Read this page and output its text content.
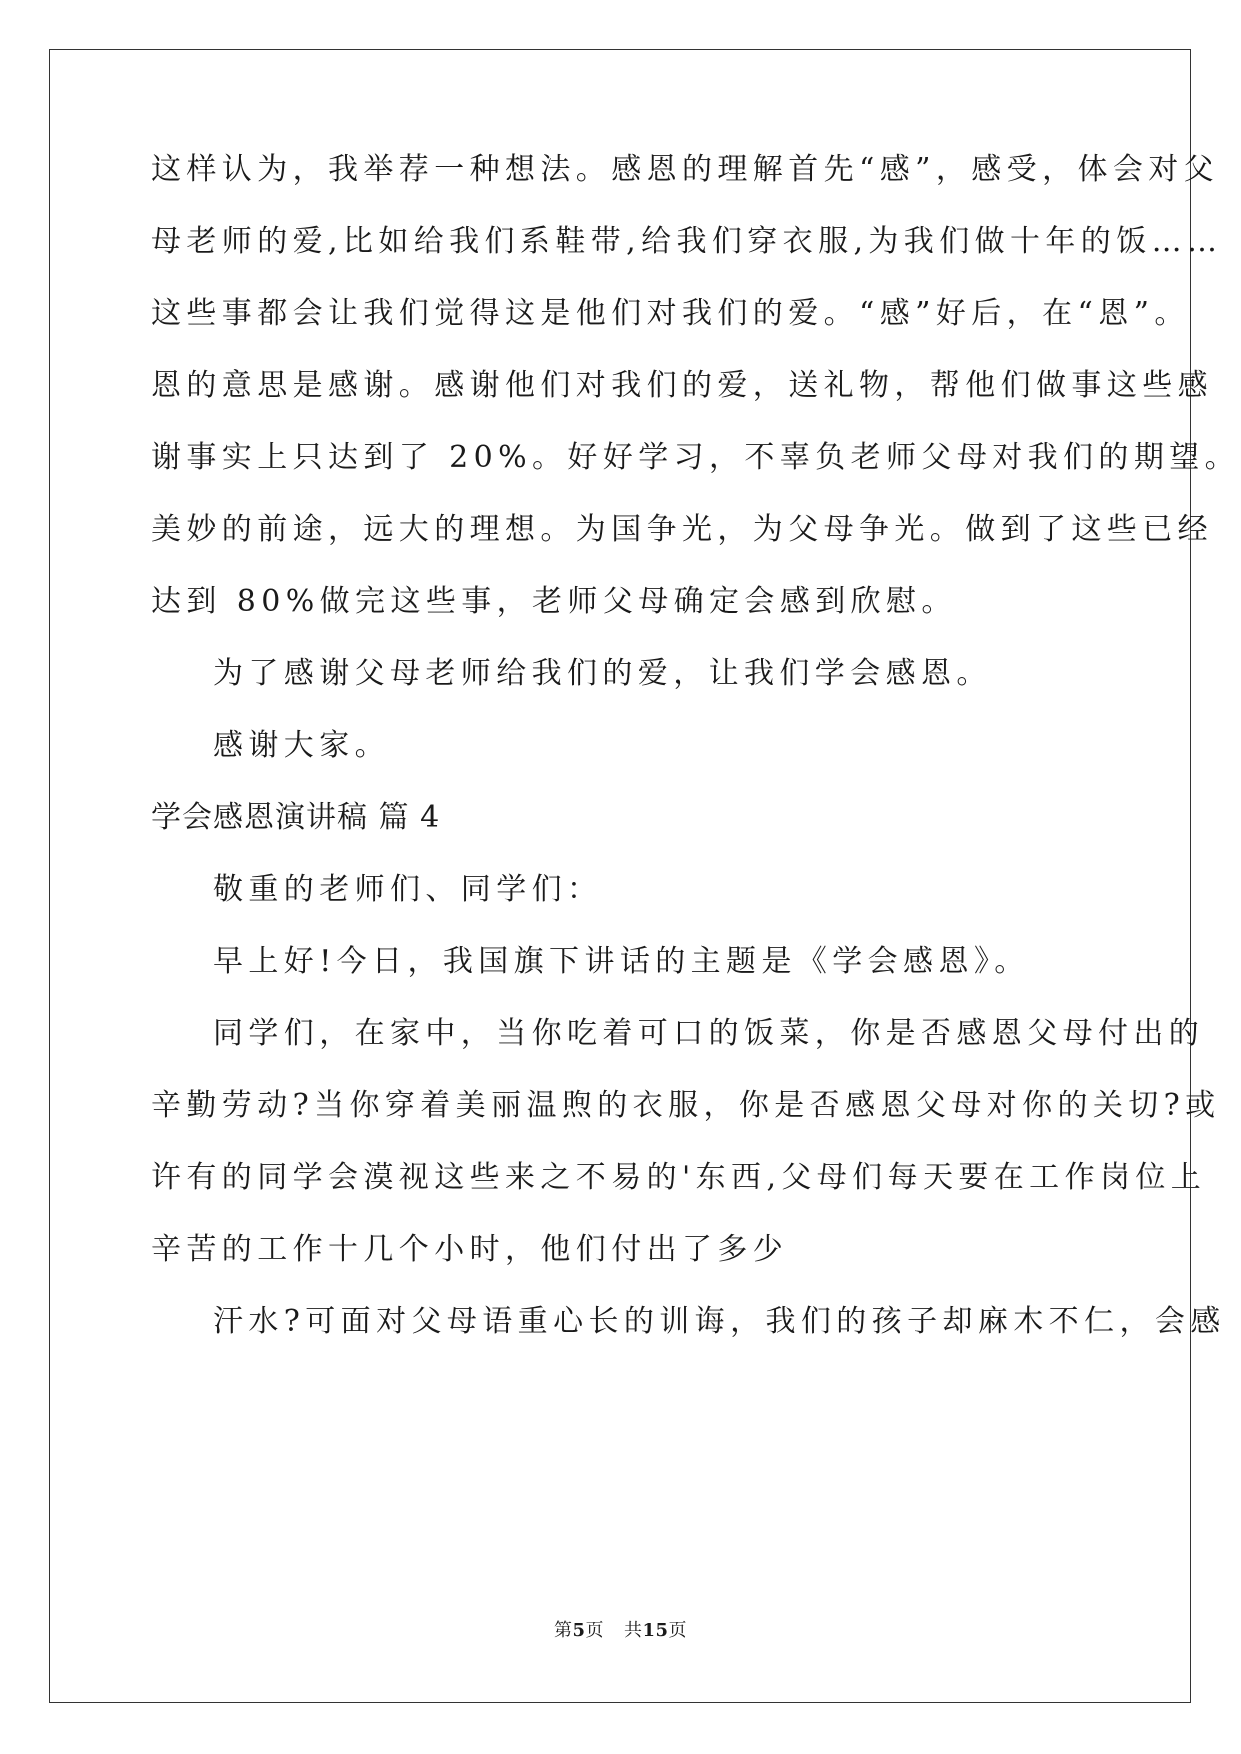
这样认为，我举荐一种想法。感恩的理解首先“感”，感受，体会对父
母老师的爱,比如给我们系鞋带,给我们穿衣服,为我们做十年的饭……
这些事都会让我们觉得这是他们对我们的爱。“感”好后，在“恩”。
恩的意思是感谢。感谢他们对我们的爱，送礼物，帮他们做事这些感
谢事实上只达到了 20%。好好学习，不辜负老师父母对我们的期望。
美妙的前途，远大的理想。为国争光，为父母争光。做到了这些已经
达到 80%做完这些事，老师父母确定会感到欣慰。
为了感谢父母老师给我们的爱，让我们学会感恩。
感谢大家。
学会感恩演讲稿 篇 4
敬重的老师们、同学们：
早上好!今日，我国旗下讲话的主题是《学会感恩》。
同学们，在家中，当你吃着可口的饭菜，你是否感恩父母付出的
辛勤劳动?当你穿着美丽温煦的衣服，你是否感恩父母对你的关切?或
许有的同学会漠视这些来之不易的'东西,父母们每天要在工作岗位上
辛苦的工作十几个小时，他们付出了多少
汗水?可面对父母语重心长的训诲，我们的孩子却麻木不仁，会感
第5页 共15页
